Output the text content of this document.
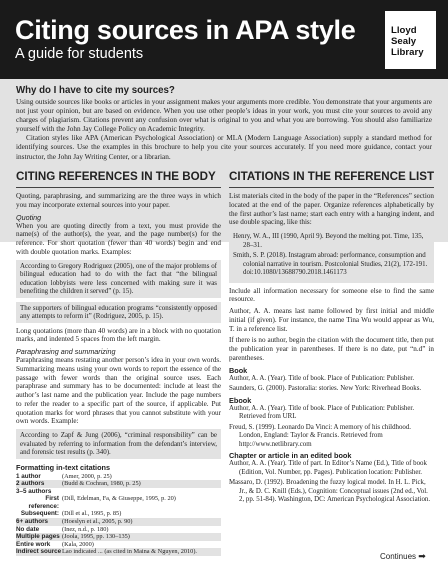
Citing sources in APA style
A guide for students
Lloyd
Sealy
Library
Why do I have to cite my sources?

Using outside sources like books or articles in your assignment makes your arguments more credible. You demonstrate that your arguments are not just your opinion, but are based on evidence. When you use other people’s ideas in your work, you must cite your sources to avoid any charges of plagiarism. Citations prevent any confusion over what is original to you and what you are borrowing. You should also familiarize yourself with the John Jay College Policy on Academic Integrity.

Citation styles like APA (American Psychological Association) or MLA (Modern Language Association) supply a standard method for identifying sources. Use the examples in this brochure to help you cite your sources accurately. If you need more guidance, contact your instructor, the John Jay Writing Center, or a librarian.

CITING REFERENCES IN THE BODY
Quoting, paraphrasing, and summarizing are the three ways in which you may incorporate external sources into your paper.
Quoting
When you are quoting directly from a text, you must provide the name(s) of the author(s), the year, and the page number(s) for the reference. For short quotation (fewer than 40 words) begin and end with double quotation marks. Examples:
According to Gregory Rodriguez (2005), one of the major problems of bilingual education had to do with the fact that “the bilingual education lobbyists were less concerned with making sure it was benefiting the children it served” (p. 15).
The supporters of bilingual education programs “consistently opposed any attempts to reform it” (Rodriguez, 2005, p. 15).
Long quotations (more than 40 words) are in a block with no quotation marks, and indented 5 spaces from the left margin.
Paraphrasing and summarizing
Paraphrasing means restating another person’s idea in your own words. Summarizing means using your own words to report the essence of the passage with fewer words than the original source uses. Each paraphrase and summary has to be documented: include at least the author’s last name and the publication year. Include the page numbers to refer the reader to a specific part of the source, if applicable. Put quotation marks for word phrases that you cannot substitute with your own words. Example:
According to Zapf & Jung (2006), “criminal responsibility” can be evaluated by referring to information from the defendant’s interview, and forensic test results (p. 340).
Formatting in-text citations
1 author	(Amer, 2000, p. 25)
2 authors	(Budd & Cochran, 1980, p. 25)
3–5 authors	
First reference:	(Dill, Edelman, Fa, & Giuseppe, 1995, p. 20)
Subsequent:	(Dill et al., 1995, p. 85)
6+ authors	(Hoeslyn et al., 2005, p. 90)
No date	(Inez, n.d., p. 180)
Multiple pages	(Joola, 1995, pp. 130–135)
Entire work	(Kala, 2000)
Indirect source	Lao indicated ... (as cited in Maina & Nguyen, 2010).
CITATIONS IN THE REFERENCE LIST
List materials cited in the body of the paper in the “References” section located at the end of the paper. Organize references alphabetically by the first author’s last name; start each entry with a hanging indent, and use double spacing, like this:
Henry, W. A., III (1990, April 9). Beyond the melting pot. Time, 135, 28–31.
Smith, S. P. (2018). Instagram abroad: performance, consumption and colonial narrative in tourism. Postcolonial Studies, 21(2), 172-191. doi:10.1080/13688790.2018.1461173
Include all information necessary for someone else to find the same resource.
Author, A. A. means last name followed by first initial and middle initial (if given). For instance, the name Tina Wu would appear as Wu, T. in a reference list.
If there is no author, begin the citation with the document title, then put the publication year in parentheses. If there is no date, put “n.d” in parentheses.
Book
Author, A. A. (Year). Title of book. Place of Publication: Publisher.
Saunders, G. (2000). Pastoralia: stories. New York: Riverhead Books.
Ebook
Author, A. A. (Year). Title of book. Place of Publication: Publisher. Retrieved from URL
Freud, S. (1999). Leonardo Da Vinci: A memory of his childhood. London, England: Taylor & Francis. Retrieved from http://www.netlibrary.com
Chapter or article in an edited book
Author, A. A. (Year). Title of part. In Editor’s Name (Ed.), Title of book (Edition, Vol. Number, pp. Pages). Publication location: Publisher.
Massaro, D. (1992). Broadening the fuzzy logical model. In H. L. Pick, Jr., & D. C. Knill (Eds.), Cognition: Conceptual issues (2nd ed., Vol. 2, pp. 51-84). Washington, DC: American Psychological Association.
Continues ➡
